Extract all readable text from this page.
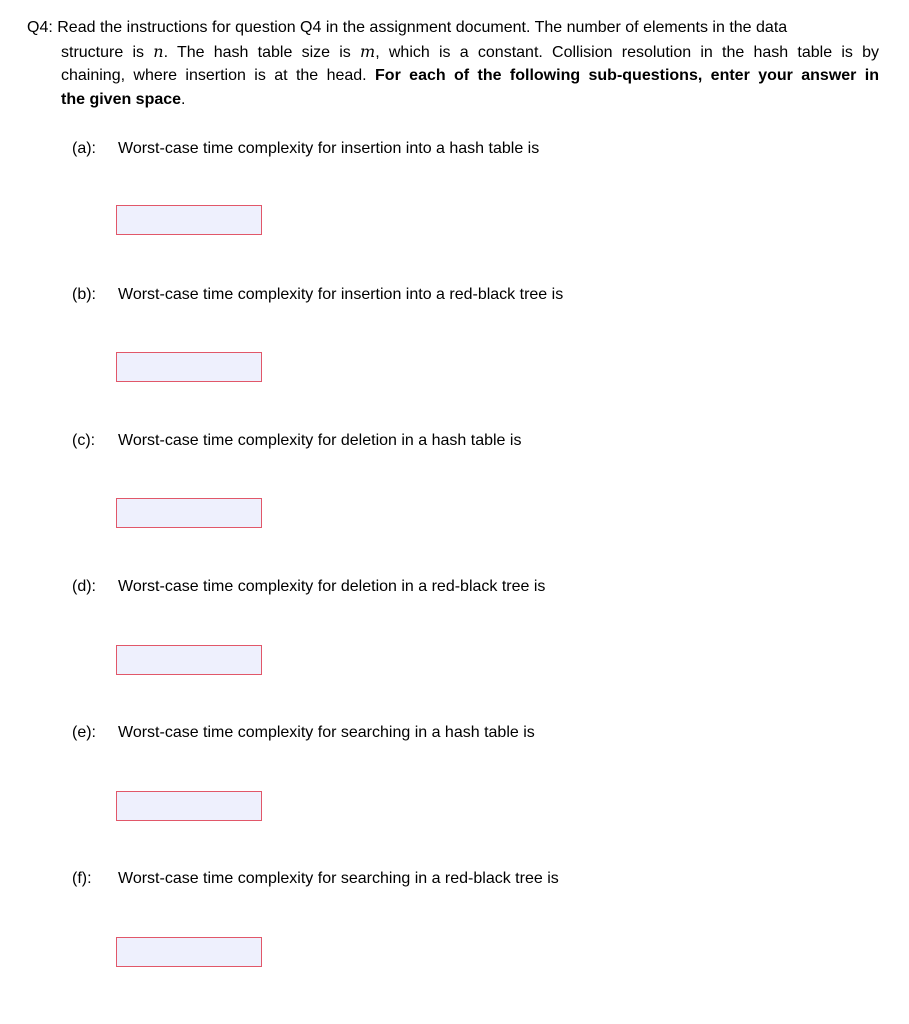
Q4: Read the instructions for question Q4 in the assignment document. The number of elements in the data
structure is n. The hash table size is m, which is a constant. Collision resolution in the hash table is by
chaining, where insertion is at the head. For each of the following sub-questions, enter your answer in
the given space.
(a): Worst-case time complexity for insertion into a hash table is
(b): Worst-case time complexity for insertion into a red-black tree is
(c): Worst-case time complexity for deletion in a hash table is
(d): Worst-case time complexity for deletion in a red-black tree is
(e): Worst-case time complexity for searching in a hash table is
(f): Worst-case time complexity for searching in a red-black tree is
